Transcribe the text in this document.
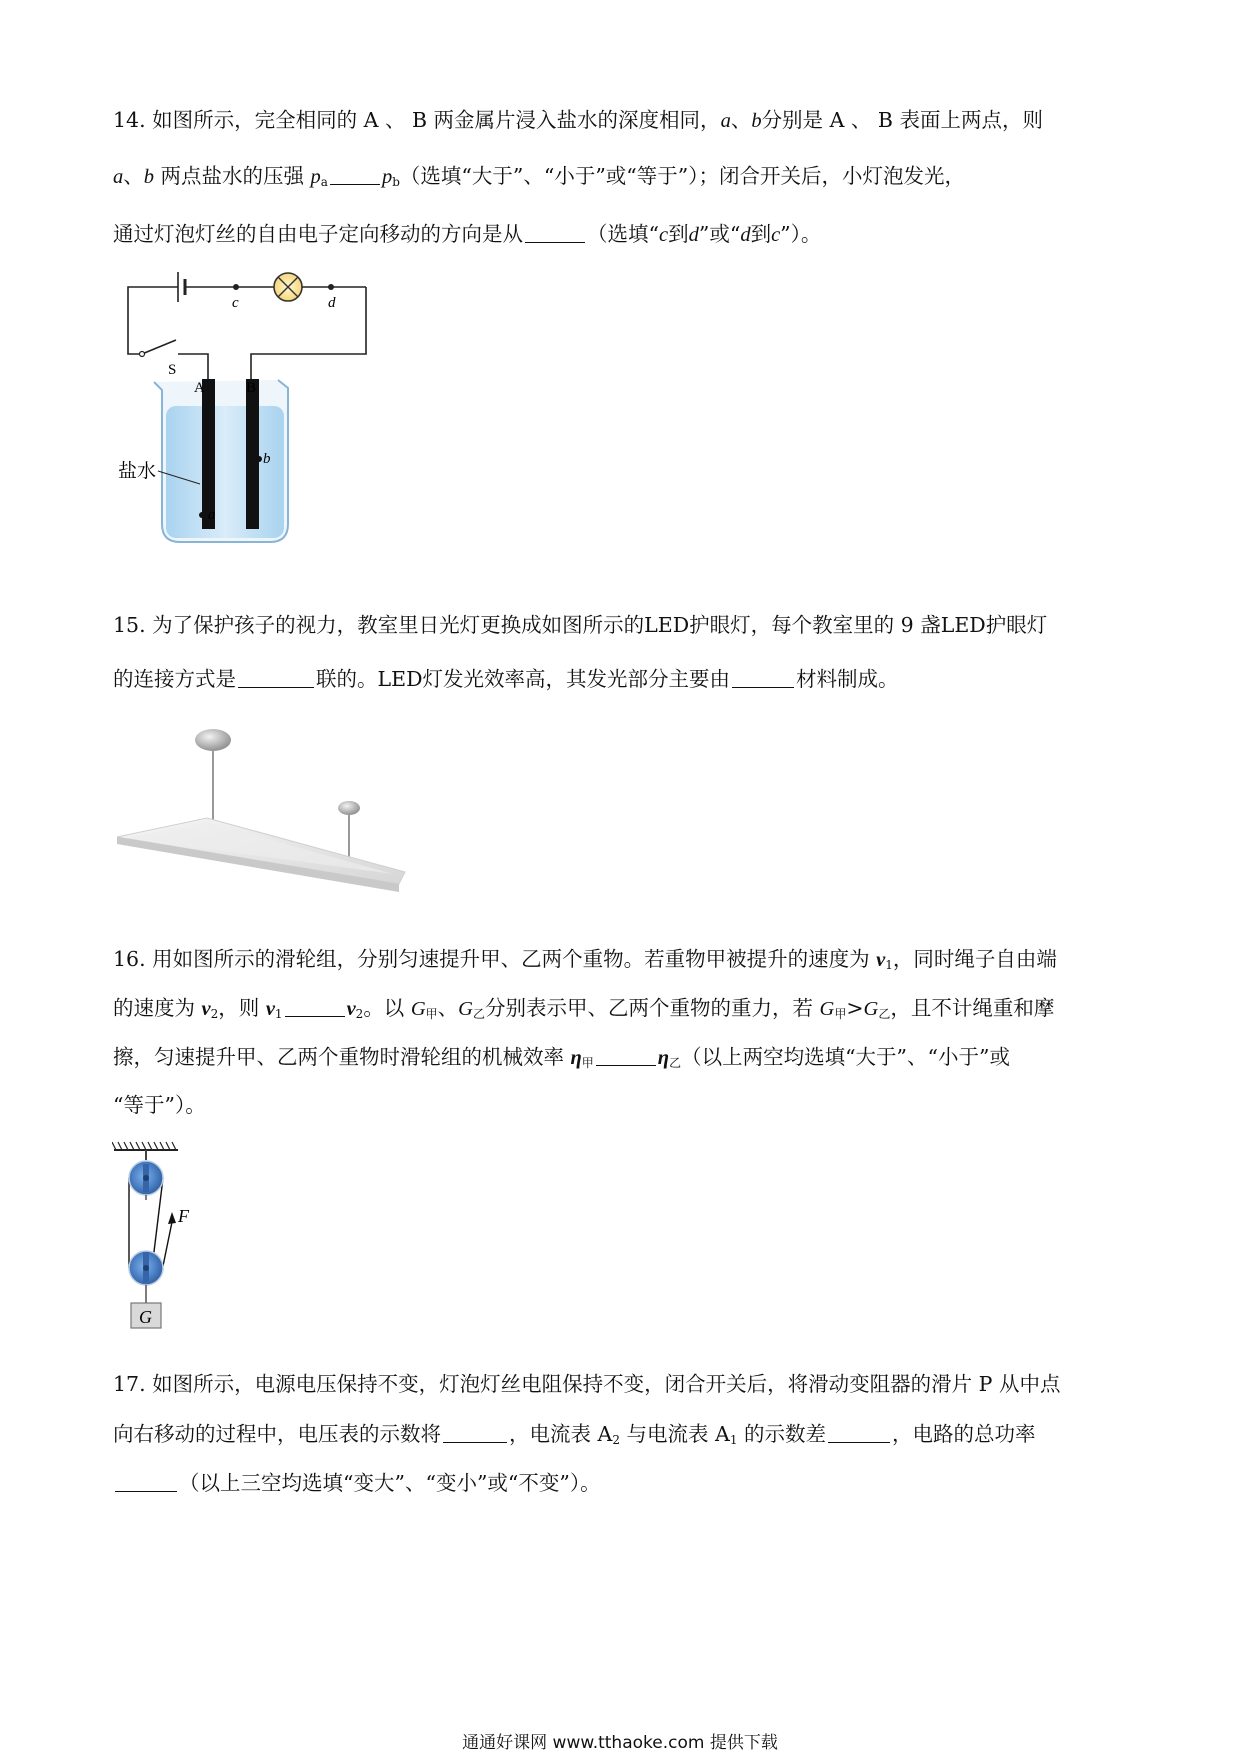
14. 如图所示，完全相同的 A 、 B 两金属片浸入盐水的深度相同，a、b分别是 A 、 B 表面上两点，则
a、b 两点盐水的压强 $p_a$	$p_b$（选填“大于”、“小于”或“等于”）；闭合开关后，小灯泡发光，
通过灯泡灯丝的自由电子定向移动的方向是从	（选填“c到d”或“d到c”）。
c	d
S
A	B
b
a
盐水
15. 为了保护孩子的视力，教室里日光灯更换成如图所示的LED护眼灯，每个教室里的 9 盏LED护眼灯
的连接方式是	联的。LED灯发光效率高，其发光部分主要由	材料制成。
16. 用如图所示的滑轮组，分别匀速提升甲、乙两个重物。若重物甲被提升的速度为 $v_1$，同时绳子自由端
的速度为 $v_2$，则 $v_1$	$v_2$。以 $G_甲$、$G_乙$分别表示甲、乙两个重物的重力，若 $G_甲>G_乙$，且不计绳重和摩
擦，匀速提升甲、乙两个重物时滑轮组的机械效率 $\eta_甲$	$\eta_乙$（以上两空均选填“大于”、“小于”或
“等于”）。
G
F
17. 如图所示，电源电压保持不变，灯泡灯丝电阻保持不变，闭合开关后，将滑动变阻器的滑片 P 从中点
向右移动的过程中，电压表的示数将	，电流表 $A_2$ 与电流表 $A_1$ 的示数差	，电路的总功率
（以上三空均选填“变大”、“变小”或“不变”）。
通通好课网 www.tthaoke.com 提供下载
